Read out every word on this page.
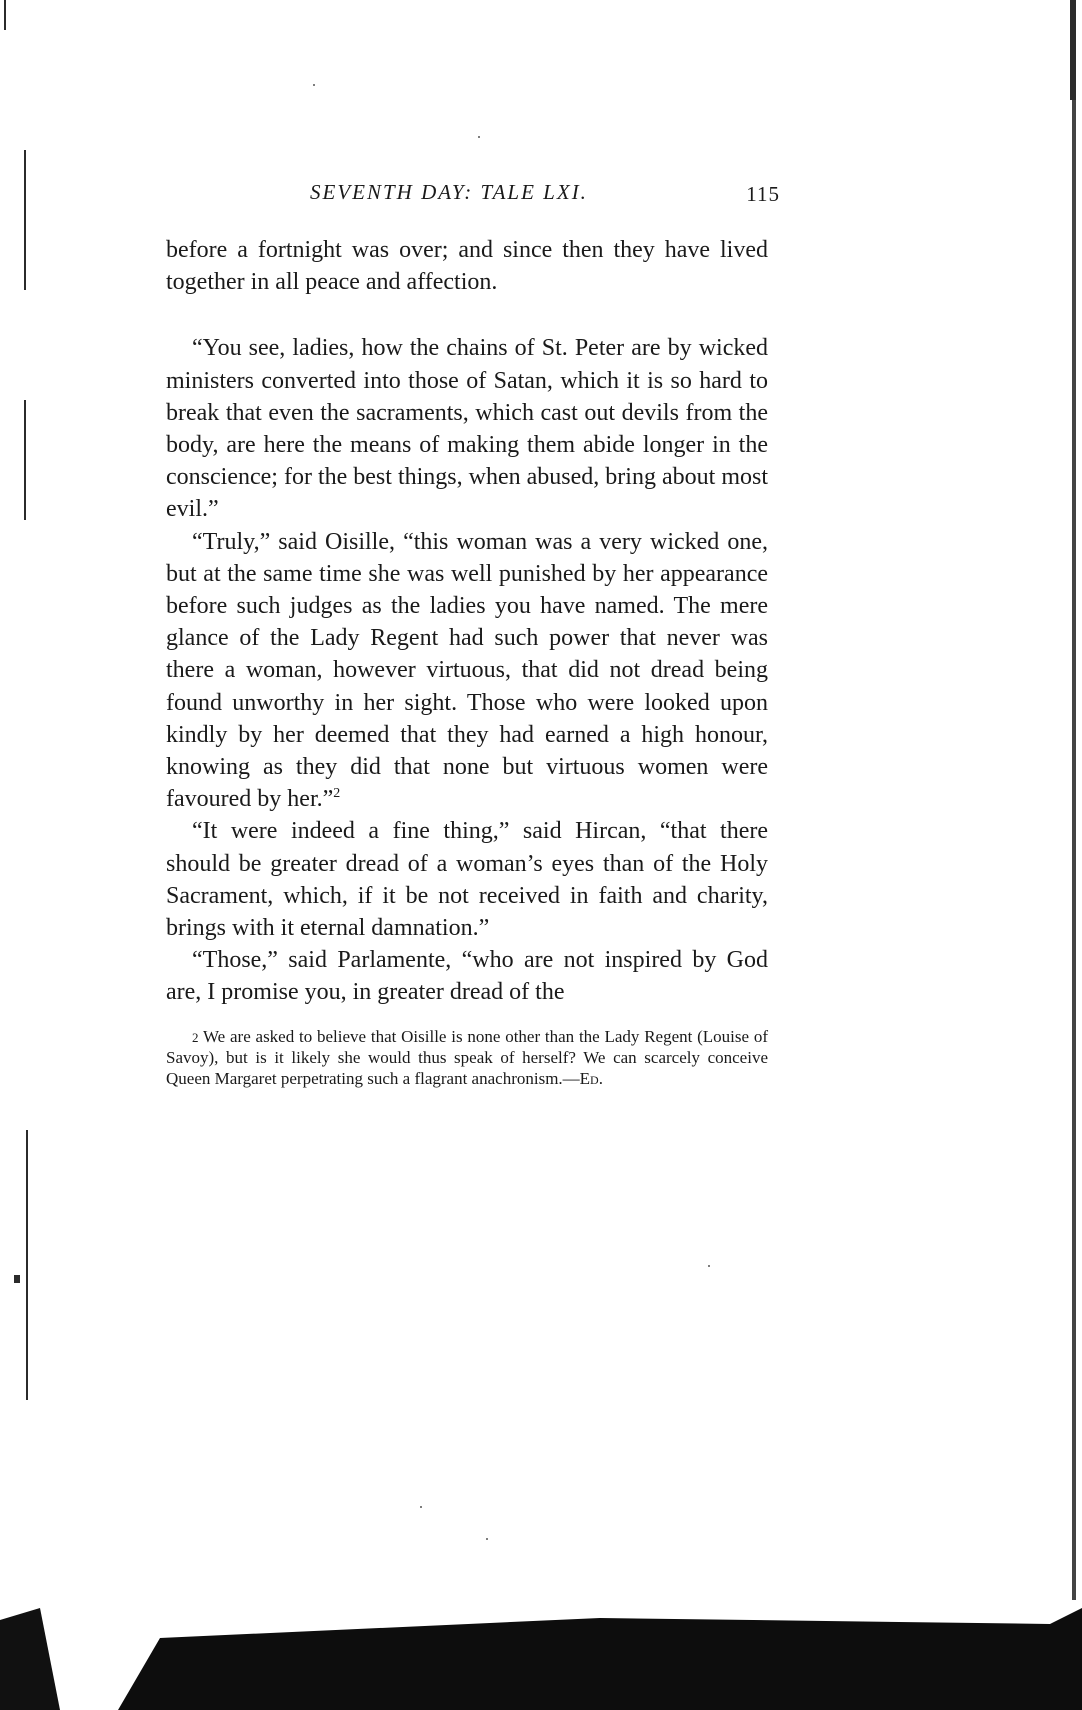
SEVENTH DAY: TALE LXI.	115

before a fortnight was over; and since then they have lived together in all peace and affection.

“You see, ladies, how the chains of St. Peter are by wicked ministers converted into those of Satan, which it is so hard to break that even the sacraments, which cast out devils from the body, are here the means of making them abide longer in the conscience; for the best things, when abused, bring about most evil.”

“Truly,” said Oisille, “this woman was a very wicked one, but at the same time she was well punished by her appearance before such judges as the ladies you have named. The mere glance of the Lady Regent had such power that never was there a woman, however virtuous, that did not dread being found unworthy in her sight. Those who were looked upon kindly by her deemed that they had earned a high honour, knowing as they did that none but virtuous women were favoured by her.”$^2$

“It were indeed a fine thing,” said Hircan, “that there should be greater dread of a woman’s eyes than of the Holy Sacrament, which, if it be not received in faith and charity, brings with it eternal damnation.”

“Those,” said Parlamente, “who are not inspired by God are, I promise you, in greater dread of the

2 We are asked to believe that Oisille is none other than the Lady Regent (Louise of Savoy), but is it likely she would thus speak of herself? We can scarcely conceive Queen Margaret perpetrating such a flagrant anachronism.—Ed.
